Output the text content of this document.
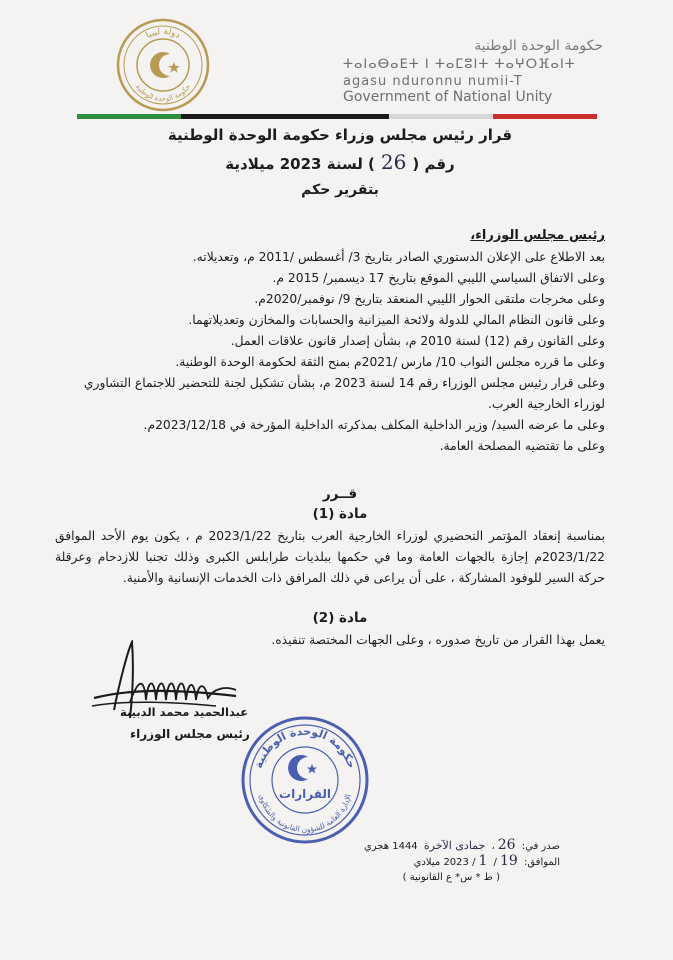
دولة ليبيا
حكومة الوحدة الوطنية
حكومة الوحدة الوطنية
ⵜⴰⵏⴰⴱⴰⴹⵜ ⵏ ⵜⴰⵎⵓⵏⵜ ⵜⴰⵖⵔⴼⴰⵏⵜ
agasu nduronnu numii-T
Government of National Unity
قرار رئيس مجلس وزراء حكومة الوحدة الوطنية
رقم (26) لسنة 2023 ميلادية
بتقرير حكم
رئيس مجلس الوزراء،
بعد الاطلاع على الإعلان الدستوري الصادر بتاريخ 3/ أغسطس /2011 م، وتعديلاته.
وعلى الاتفاق السياسي الليبي الموقع بتاريخ 17 ديسمبر/ 2015 م.
وعلى مخرجات ملتقى الحوار الليبي المنعقد بتاريخ 9/ نوفمبر/2020م.
وعلى قانون النظام المالي للدولة ولائحة الميزانية والحسابات والمخازن وتعديلاتهما.
وعلى القانون رقم (12) لسنة 2010 م، بشأن إصدار قانون علاقات العمل.
وعلى ما قرره مجلس النواب 10/ مارس /2021م بمنح الثقة لحكومة الوحدة الوطنية.
وعلى قرار رئيس مجلس الوزراء رقم 14 لسنة 2023 م، بشأن تشكيل لجنة للتحضير للاجتماع التشاوري لوزراء الخارجية العرب.
وعلى ما عرضه السيد/ وزير الداخلية المكلف بمذكرته الداخلية المؤرخة في 2023/12/18م.
وعلى ما تقتضيه المصلحة العامة.
قــرر
مادة (1)
بمناسبة إنعقاد المؤتمر التحضيري لوزراء الخارجية العرب بتاريخ 2023/1/22 م ، يكون يوم الأحد الموافق 2023/1/22م إجازة بالجهات العامة وما في حكمها ببلديات طرابلس الكبرى وذلك تجنبا للازدحام وعرقلة حركة السير للوفود المشاركة ، على أن يراعى في ذلك المرافق ذات الخدمات الإنسانية والأمنية.
مادة (2)
يعمل بهذا القرار من تاريخ صدوره ، وعلى الجهات المختصة تنفيذه.
عبدالحميد محمد الدبيبة
رئيس مجلس الوزراء
القرارات
حكومة الوحدة الوطنية
الإدارة العامة للشؤون القانونية والشكاوى
صدر في: 26، جمادى الآخرة 1444 هجري
الموافق: 19/ 1/ 2023 ميلادي
( ط * س* ع القانونية )
